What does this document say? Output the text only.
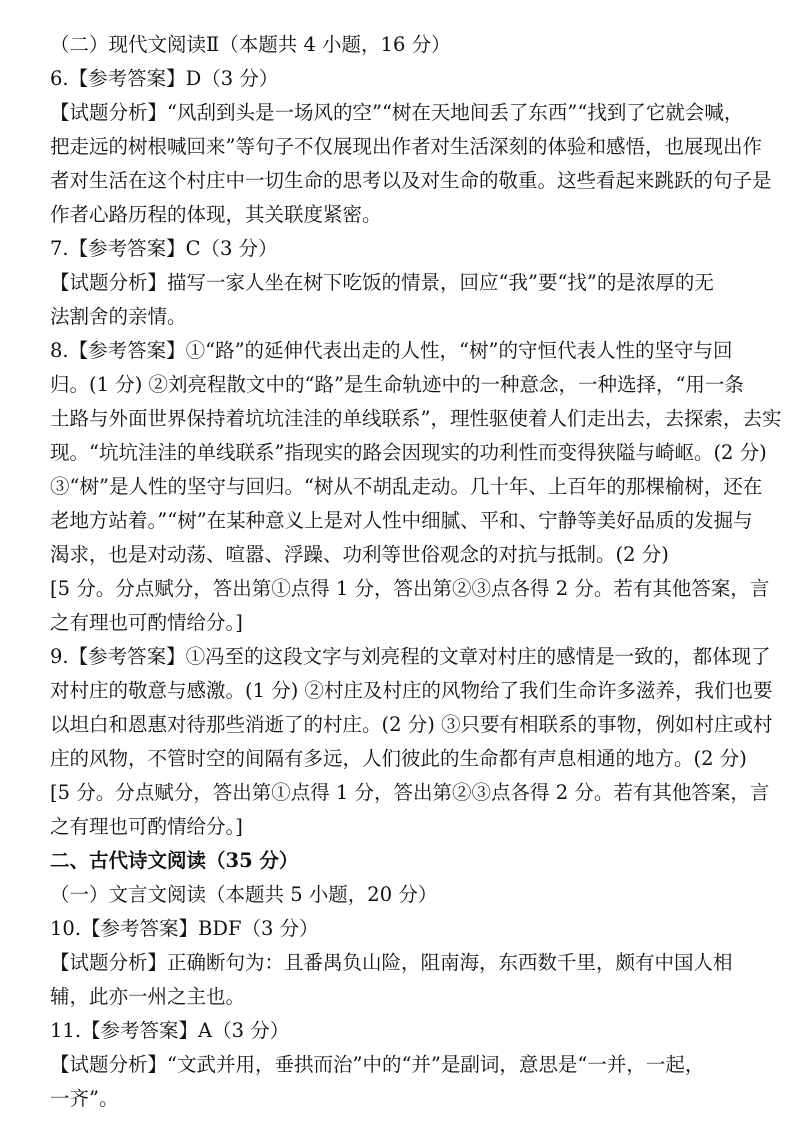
（二）现代文阅读Ⅱ（本题共 4 小题，16 分）
6.【参考答案】D（3 分）
【试题分析】“风刮到头是一场风的空”“树在天地间丢了东西”“找到了它就会喊，
把走远的树根喊回来”等句子不仅展现出作者对生活深刻的体验和感悟，也展现出作
者对生活在这个村庄中一切生命的思考以及对生命的敬重。这些看起来跳跃的句子是
作者心路历程的体现，其关联度紧密。
7.【参考答案】C（3 分）
【试题分析】描写一家人坐在树下吃饭的情景，回应“我”要“找”的是浓厚的无
法割舍的亲情。
8.【参考答案】①“路”的延伸代表出走的人性，“树”的守恒代表人性的坚守与回
归。(1 分) ②刘亮程散文中的“路”是生命轨迹中的一种意念，一种选择，“用一条
土路与外面世界保持着坑坑洼洼的单线联系”，理性驱使着人们走出去，去探索，去实
现。“坑坑洼洼的单线联系”指现实的路会因现实的功利性而变得狭隘与崎岖。(2 分)
③“树”是人性的坚守与回归。“树从不胡乱走动。几十年、上百年的那棵榆树，还在
老地方站着。”“树”在某种意义上是对人性中细腻、平和、宁静等美好品质的发掘与
渴求，也是对动荡、喧嚣、浮躁、功利等世俗观念的对抗与抵制。(2 分)
[5 分。分点赋分，答出第①点得 1 分，答出第②③点各得 2 分。若有其他答案，言
之有理也可酌情给分。]
9.【参考答案】①冯至的这段文字与刘亮程的文章对村庄的感情是一致的，都体现了
对村庄的敬意与感激。(1 分) ②村庄及村庄的风物给了我们生命许多滋养，我们也要
以坦白和恩惠对待那些消逝了的村庄。(2 分) ③只要有相联系的事物，例如村庄或村
庄的风物，不管时空的间隔有多远，人们彼此的生命都有声息相通的地方。(2 分)
[5 分。分点赋分，答出第①点得 1 分，答出第②③点各得 2 分。若有其他答案，言
之有理也可酌情给分。]
二、古代诗文阅读（35 分）
（一）文言文阅读（本题共 5 小题，20 分）
10.【参考答案】BDF（3 分）
【试题分析】正确断句为：且番禺负山险，阻南海，东西数千里，颇有中国人相
辅，此亦一州之主也。
11.【参考答案】A（3 分）
【试题分析】“文武并用，垂拱而治”中的“并”是副词，意思是“一并，一起，
一齐”。
